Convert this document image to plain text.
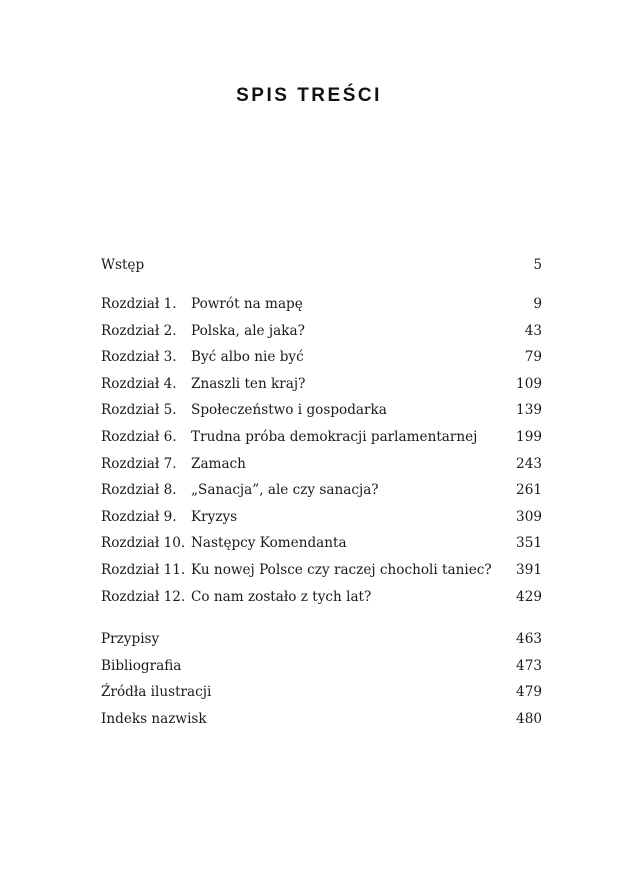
SPIS TREŚCI
Wstęp	5
Rozdział 1. Powrót na mapę	9
Rozdział 2. Polska, ale jaka?	43
Rozdział 3. Być albo nie być	79
Rozdział 4. Znaszli ten kraj?	109
Rozdział 5. Społeczeństwo i gospodarka	139
Rozdział 6. Trudna próba demokracji parlamentarnej	199
Rozdział 7. Zamach	243
Rozdział 8. „Sanacja”, ale czy sanacja?	261
Rozdział 9. Kryzys	309
Rozdział 10. Następcy Komendanta	351
Rozdział 11. Ku nowej Polsce czy raczej chocholi taniec? 391
Rozdział 12. Co nam zostało z tych lat?	429
Przypisy	463
Bibliografia	473
Źródła ilustracji	479
Indeks nazwisk	480
